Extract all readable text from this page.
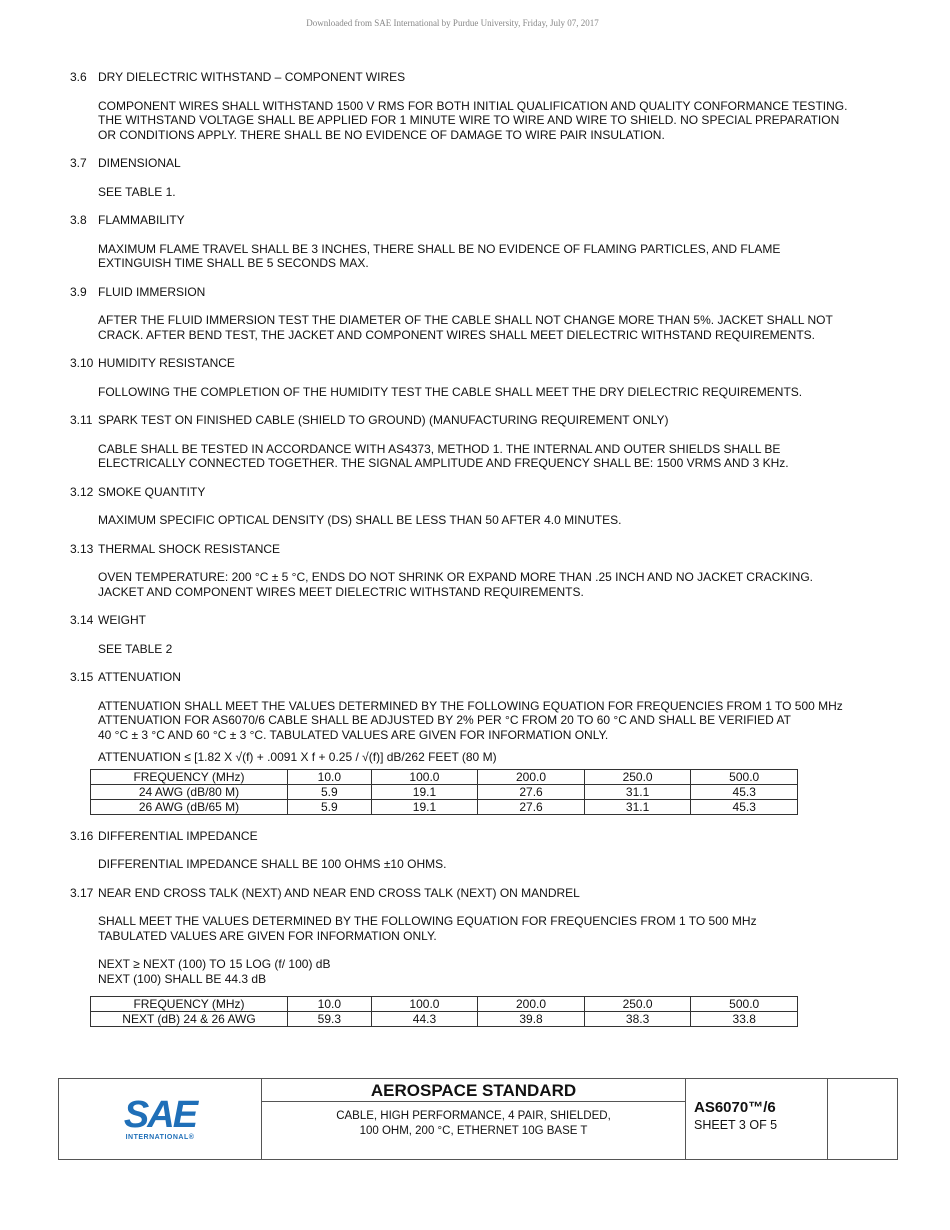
Downloaded from SAE International by Purdue University, Friday, July 07, 2017
3.6 DRY DIELECTRIC WITHSTAND – COMPONENT WIRES
COMPONENT WIRES SHALL WITHSTAND 1500 V RMS FOR BOTH INITIAL QUALIFICATION AND QUALITY CONFORMANCE TESTING.
THE WITHSTAND VOLTAGE SHALL BE APPLIED FOR 1 MINUTE WIRE TO WIRE AND WIRE TO SHIELD. NO SPECIAL PREPARATION
OR CONDITIONS APPLY. THERE SHALL BE NO EVIDENCE OF DAMAGE TO WIRE PAIR INSULATION.
3.7 DIMENSIONAL
SEE TABLE 1.
3.8 FLAMMABILITY
MAXIMUM FLAME TRAVEL SHALL BE 3 INCHES, THERE SHALL BE NO EVIDENCE OF FLAMING PARTICLES, AND FLAME
EXTINGUISH TIME SHALL BE 5 SECONDS MAX.
3.9 FLUID IMMERSION
AFTER THE FLUID IMMERSION TEST THE DIAMETER OF THE CABLE SHALL NOT CHANGE MORE THAN 5%. JACKET SHALL NOT
CRACK. AFTER BEND TEST, THE JACKET AND COMPONENT WIRES SHALL MEET DIELECTRIC WITHSTAND REQUIREMENTS.
3.10 HUMIDITY RESISTANCE
FOLLOWING THE COMPLETION OF THE HUMIDITY TEST THE CABLE SHALL MEET THE DRY DIELECTRIC REQUIREMENTS.
3.11 SPARK TEST ON FINISHED CABLE (SHIELD TO GROUND) (MANUFACTURING REQUIREMENT ONLY)
CABLE SHALL BE TESTED IN ACCORDANCE WITH AS4373, METHOD 1. THE INTERNAL AND OUTER SHIELDS SHALL BE
ELECTRICALLY CONNECTED TOGETHER. THE SIGNAL AMPLITUDE AND FREQUENCY SHALL BE: 1500 VRMS AND 3 KHz.
3.12 SMOKE QUANTITY
MAXIMUM SPECIFIC OPTICAL DENSITY (DS) SHALL BE LESS THAN 50 AFTER 4.0 MINUTES.
3.13 THERMAL SHOCK RESISTANCE
OVEN TEMPERATURE: 200 °C ± 5 °C, ENDS DO NOT SHRINK OR EXPAND MORE THAN .25 INCH AND NO JACKET CRACKING.
JACKET AND COMPONENT WIRES MEET DIELECTRIC WITHSTAND REQUIREMENTS.
3.14 WEIGHT
SEE TABLE 2
3.15 ATTENUATION
ATTENUATION SHALL MEET THE VALUES DETERMINED BY THE FOLLOWING EQUATION FOR FREQUENCIES FROM 1 TO 500 MHz
ATTENUATION FOR AS6070/6 CABLE SHALL BE ADJUSTED BY 2% PER °C FROM 20 TO 60 °C AND SHALL BE VERIFIED AT
40 °C ± 3 °C AND 60 °C ± 3 °C. TABULATED VALUES ARE GIVEN FOR INFORMATION ONLY.
ATTENUATION ≤ [1.82 X √(f) + .0091 X f + 0.25 / √(f)] dB/262 FEET (80 M)
FREQUENCY (MHz)	10.0	100.0	200.0	250.0	500.0
24 AWG (dB/80 M)	5.9	19.1	27.6	31.1	45.3
26 AWG (dB/65 M)	5.9	19.1	27.6	31.1	45.3
3.16 DIFFERENTIAL IMPEDANCE
DIFFERENTIAL IMPEDANCE SHALL BE 100 OHMS ±10 OHMS.
3.17 NEAR END CROSS TALK (NEXT) AND NEAR END CROSS TALK (NEXT) ON MANDREL
SHALL MEET THE VALUES DETERMINED BY THE FOLLOWING EQUATION FOR FREQUENCIES FROM 1 TO 500 MHz
TABULATED VALUES ARE GIVEN FOR INFORMATION ONLY.
NEXT ≥ NEXT (100) TO 15 LOG (f/ 100) dB
NEXT (100) SHALL BE 44.3 dB
FREQUENCY (MHz)	10.0	100.0	200.0	250.0	500.0
NEXT (dB) 24 & 26 AWG	59.3	44.3	39.8	38.3	33.8
SAE
INTERNATIONAL®
AEROSPACE STANDARD
CABLE, HIGH PERFORMANCE, 4 PAIR, SHIELDED,
100 OHM, 200 °C, ETHERNET 10G BASE T
AS6070™/6
SHEET 3 OF 5
